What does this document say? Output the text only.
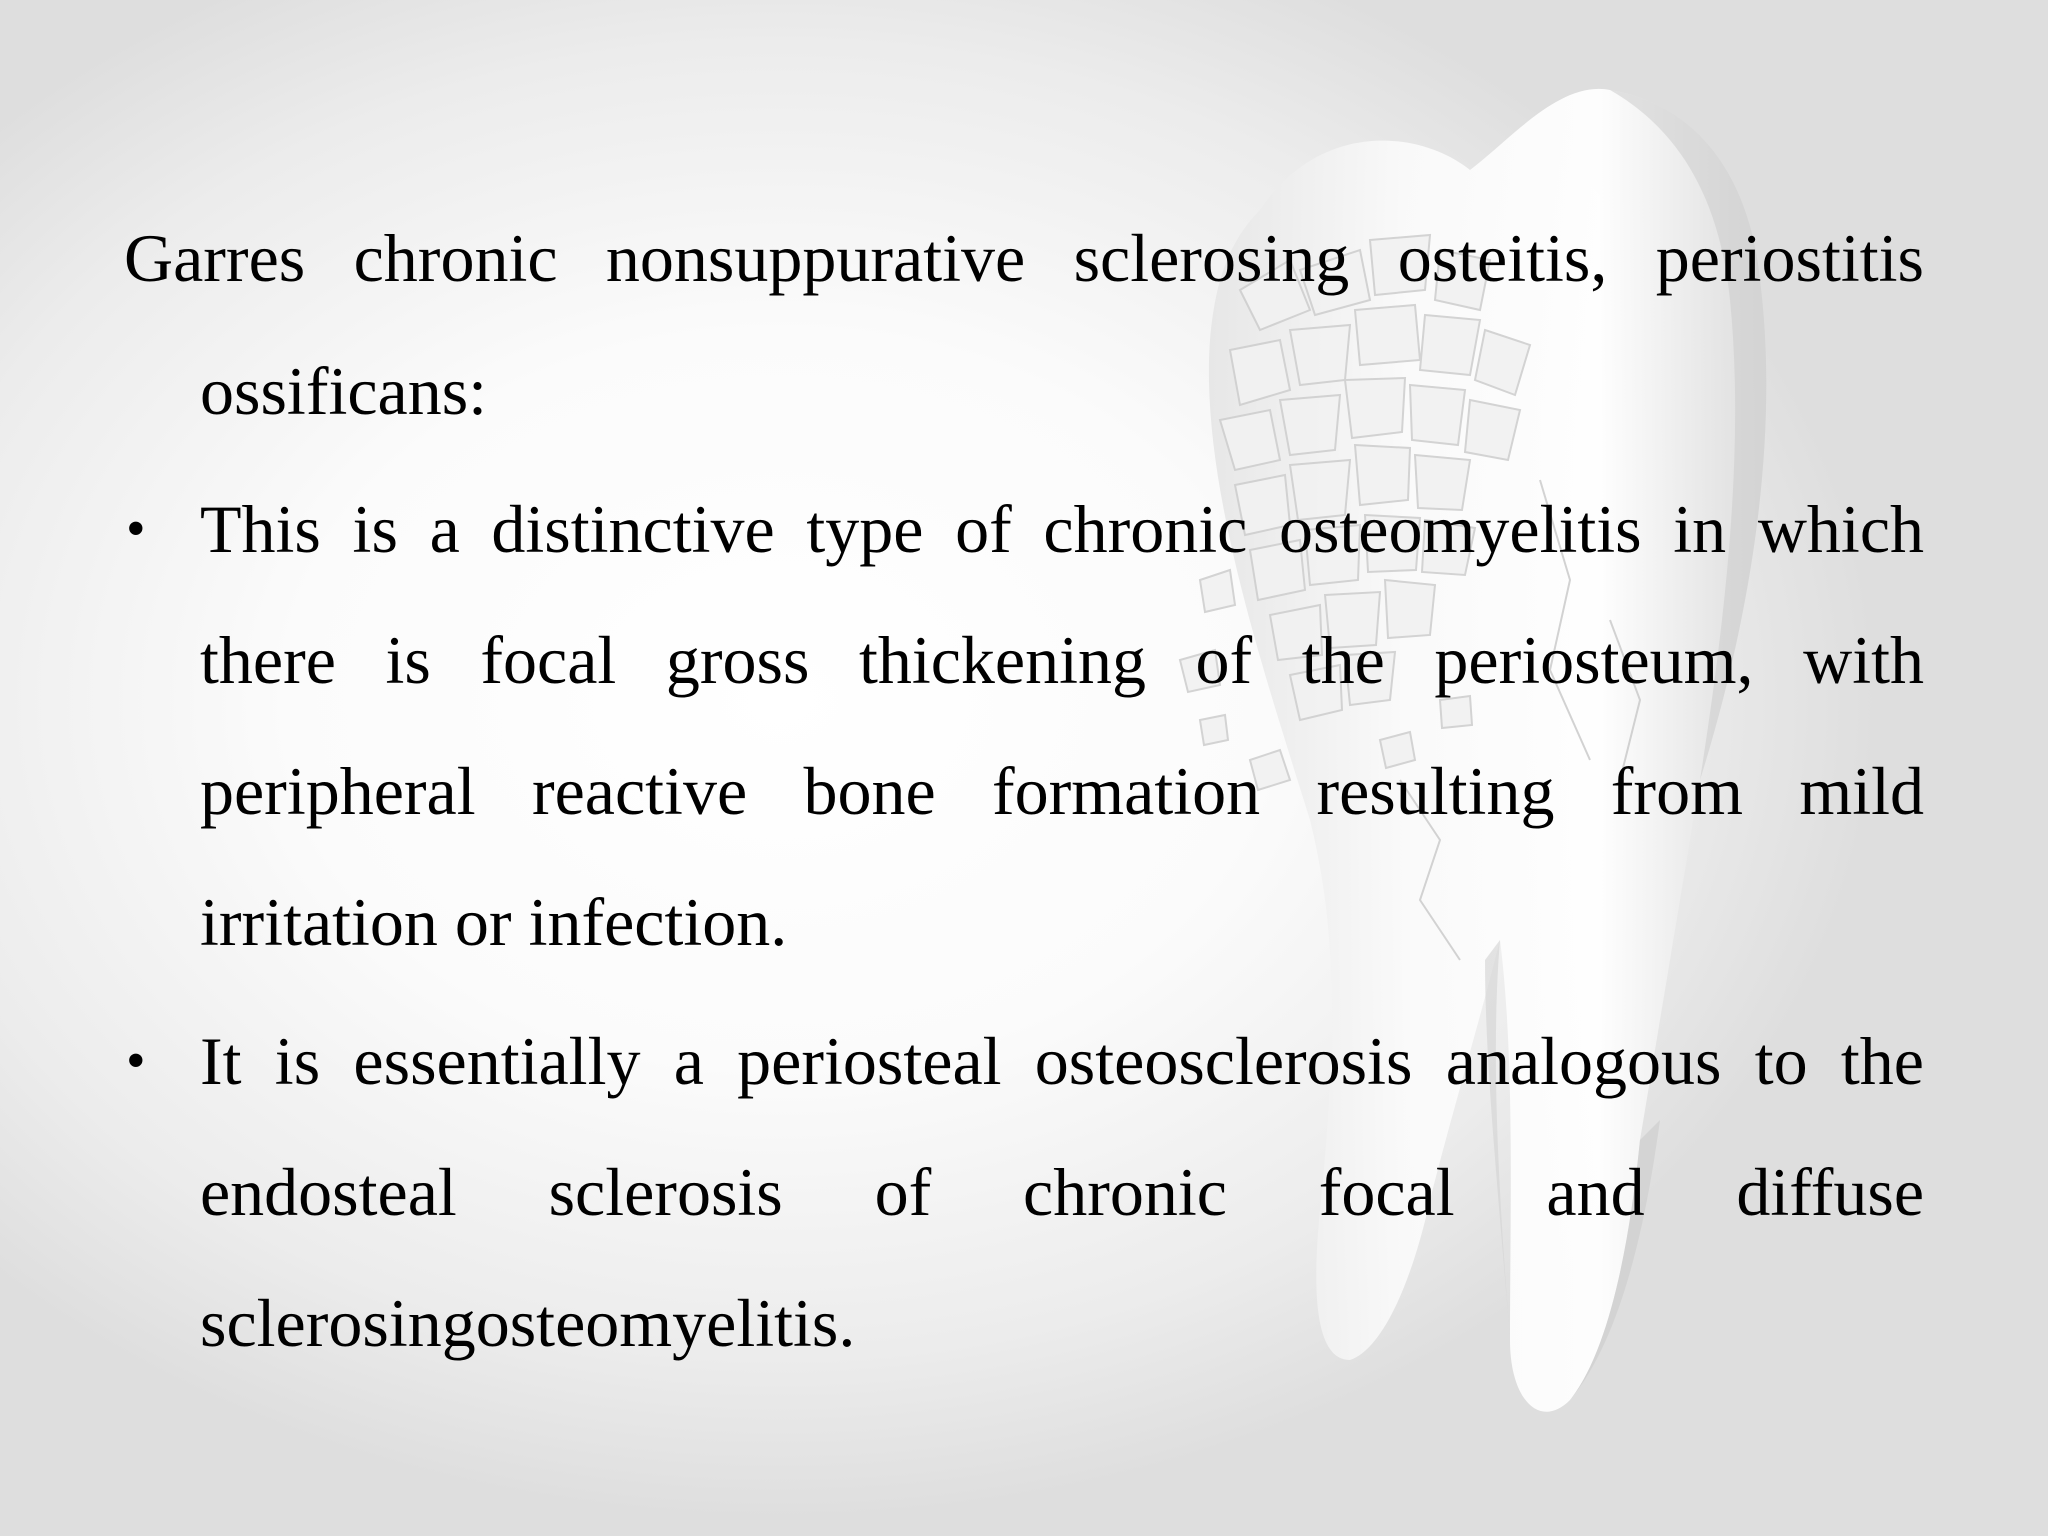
Garres chronic nonsuppurative sclerosing osteitis, periostitis ossificans:

• This is a distinctive type of chronic osteomyelitis in which there is focal gross thickening of the periosteum, with peripheral reactive bone formation resulting from mild irritation or infection.

• It is essentially a periosteal osteosclerosis analogous to the endosteal sclerosis of chronic focal and diffuse sclerosingosteomyelitis.
